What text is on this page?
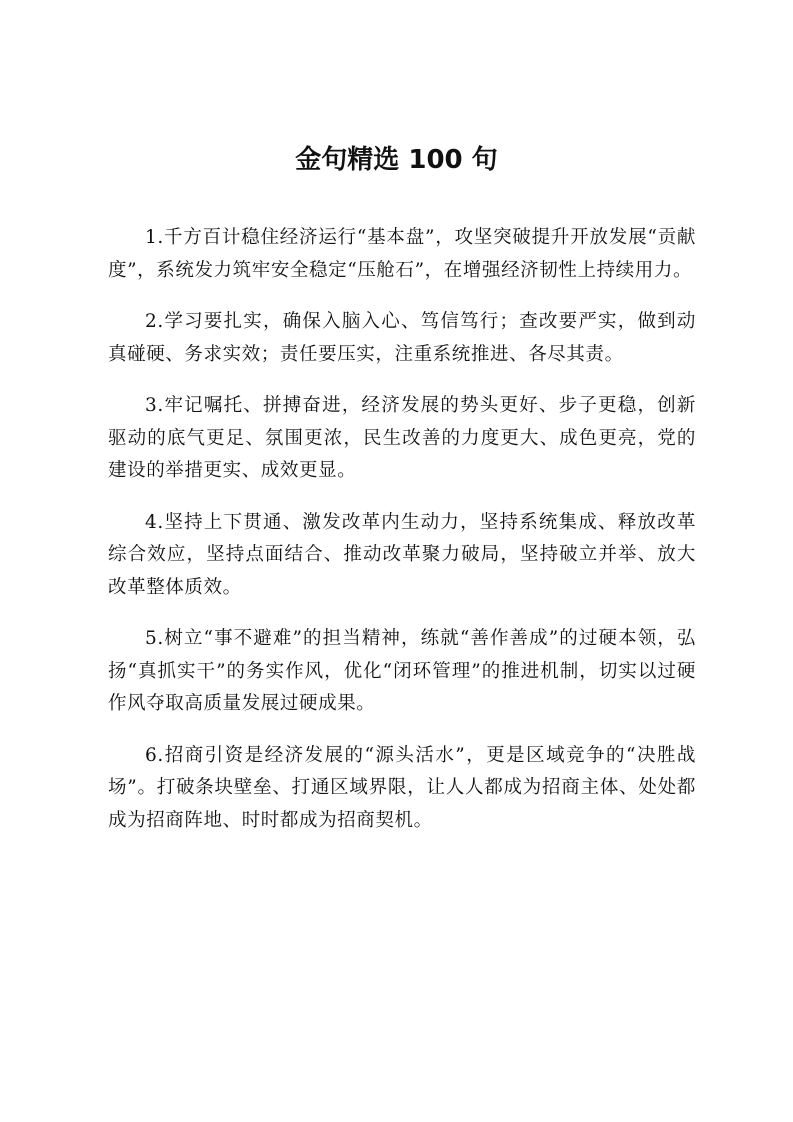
金句精选 100 句

1.千方百计稳住经济运行“基本盘”，攻坚突破提升开放发展“贡献度”，系统发力筑牢安全稳定“压舱石”，在增强经济韧性上持续用力。

2.学习要扎实，确保入脑入心、笃信笃行；查改要严实，做到动真碰硬、务求实效；责任要压实，注重系统推进、各尽其责。

3.牢记嘱托、拼搏奋进，经济发展的势头更好、步子更稳，创新驱动的底气更足、氛围更浓，民生改善的力度更大、成色更亮，党的建设的举措更实、成效更显。

4.坚持上下贯通、激发改革内生动力，坚持系统集成、释放改革综合效应，坚持点面结合、推动改革聚力破局，坚持破立并举、放大改革整体质效。

5.树立“事不避难”的担当精神，练就“善作善成”的过硬本领，弘扬“真抓实干”的务实作风，优化“闭环管理”的推进机制，切实以过硬作风夺取高质量发展过硬成果。

6.招商引资是经济发展的“源头活水”，更是区域竞争的“决胜战场”。打破条块壁垒、打通区域界限，让人人都成为招商主体、处处都成为招商阵地、时时都成为招商契机。
